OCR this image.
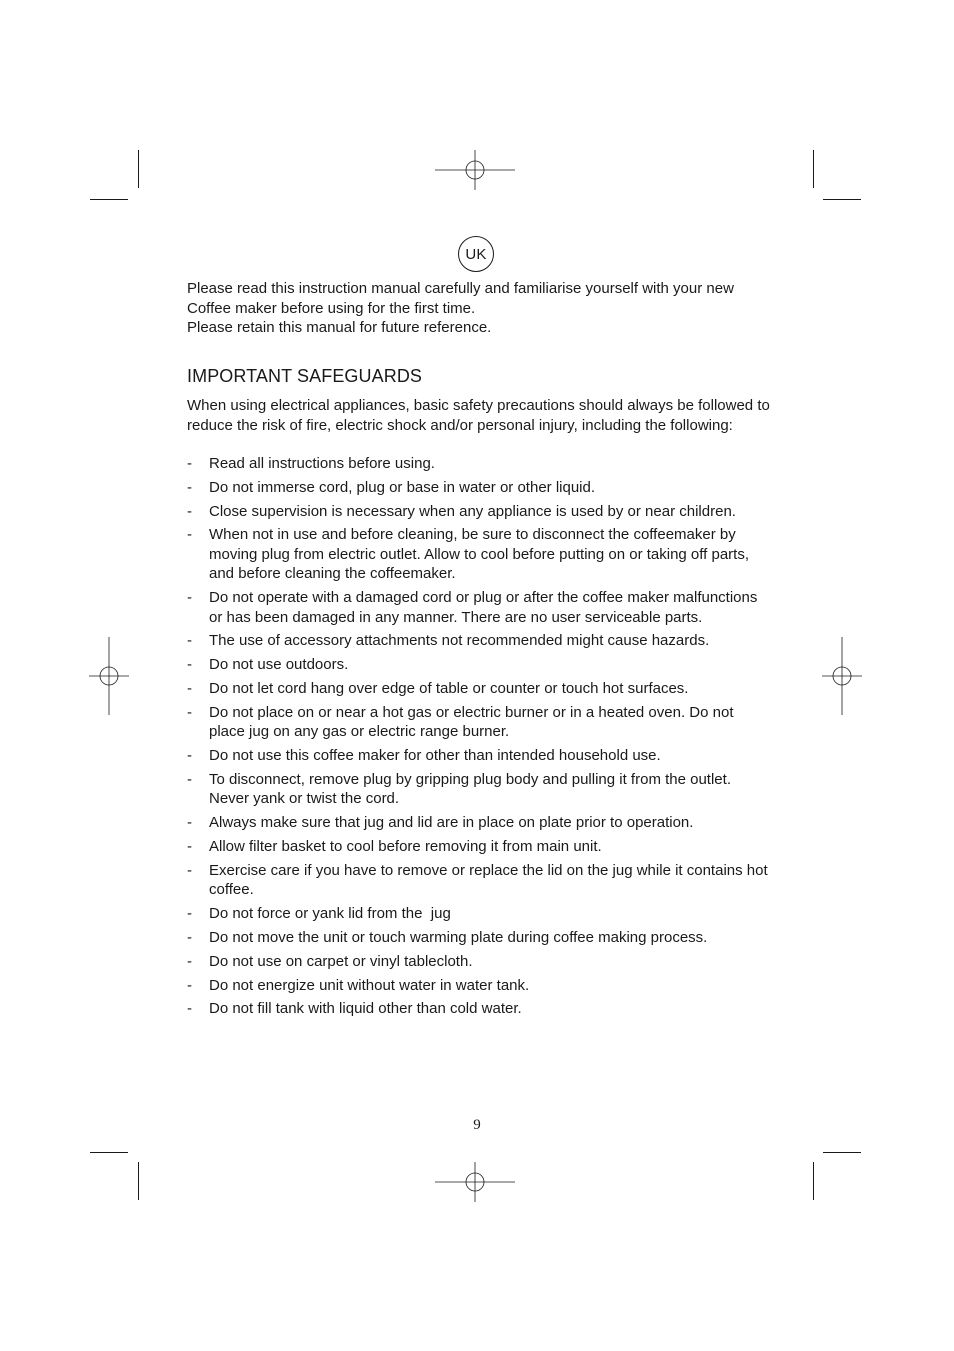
UK

Please read this instruction manual carefully and familiarise yourself with your new Coffee maker before using for the first time.

Please retain this manual for future reference.

IMPORTANT SAFEGUARDS

When using electrical appliances, basic safety precautions should always be followed to reduce the risk of fire, electric shock and/or personal injury, including the following:

- Read all instructions before using.
- Do not immerse cord, plug or base in water or other liquid.
- Close supervision is necessary when any appliance is used by or near children.
- When not in use and before cleaning, be sure to disconnect the coffeemaker by moving plug from electric outlet. Allow to cool before putting on or taking off parts, and before cleaning the coffeemaker.
- Do not operate with a damaged cord or plug or after the coffee maker malfunctions or has been damaged in any manner. There are no user serviceable parts.
- The use of accessory attachments not recommended might cause hazards.
- Do not use outdoors.
- Do not let cord hang over edge of table or counter or touch hot surfaces.
- Do not place on or near a hot gas or electric burner or in a heated oven. Do not place jug on any gas or electric range burner.
- Do not use this coffee maker for other than intended household use.
- To disconnect, remove plug by gripping plug body and pulling it from the outlet. Never yank or twist the cord.
- Always make sure that jug and lid are in place on plate prior to operation.
- Allow filter basket to cool before removing it from main unit.
- Exercise care if you have to remove or replace the lid on the jug while it contains hot coffee.
- Do not force or yank lid from the  jug
- Do not move the unit or touch warming plate during coffee making process.
- Do not use on carpet or vinyl tablecloth.
- Do not energize unit without water in water tank.
- Do not fill tank with liquid other than cold water.
9
